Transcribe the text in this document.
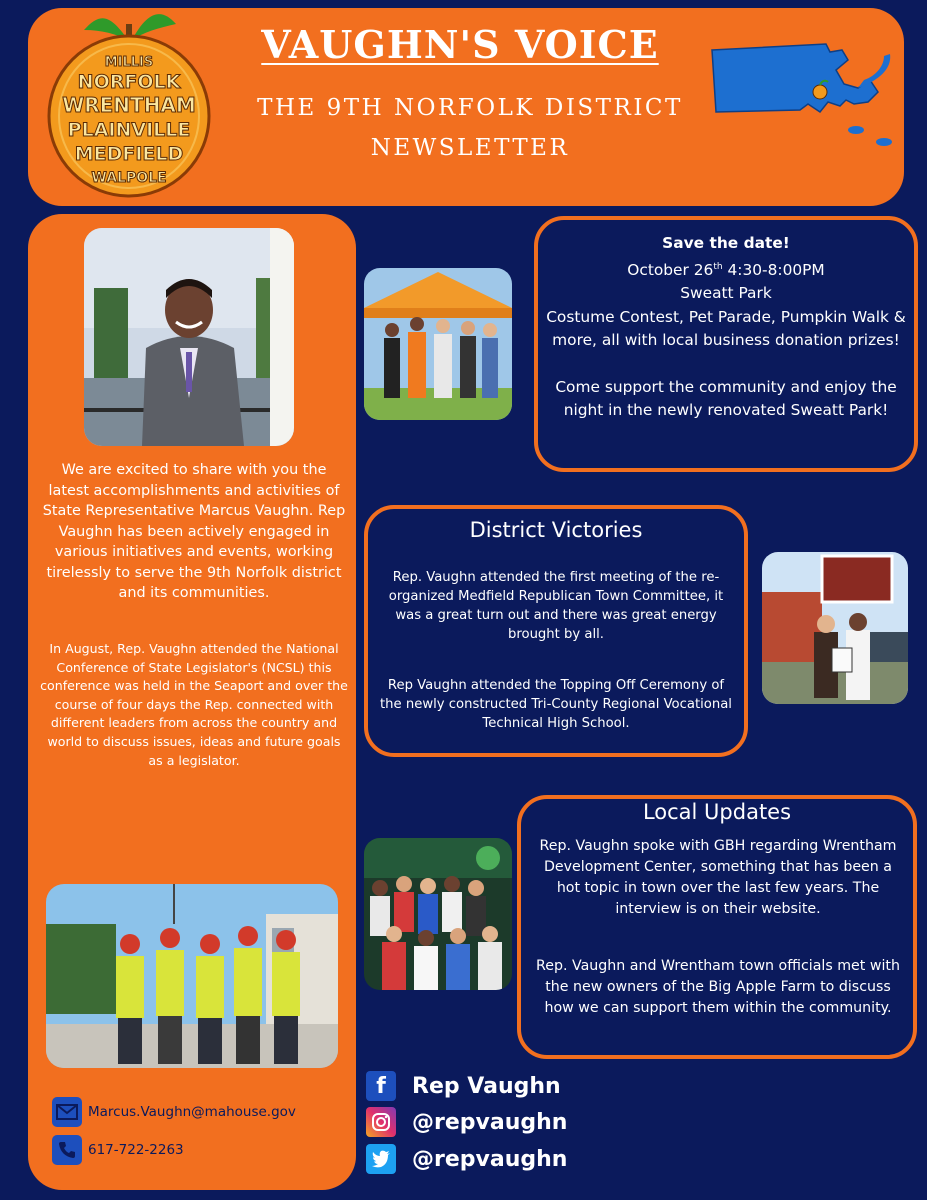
MILLIS
NORFOLK
WRENTHAM
PLAINVILLE
MEDFIELD
WALPOLE
VAUGHN'S VOICE
THE 9TH NORFOLK DISTRICT
NEWSLETTER
We are excited to share with you the latest accomplishments and activities of State Representative Marcus Vaughn. Rep Vaughn has been actively engaged in various initiatives and events, working tirelessly to serve the 9th Norfolk district and its communities.
In August, Rep. Vaughn attended the National Conference of State Legislator's (NCSL) this conference was held in the Seaport and over the course of four days the Rep. connected with different leaders from across the country and world to discuss issues, ideas and future goals as a legislator.
Marcus.Vaughn@mahouse.gov
617-722-2263
Save the date!
October 26th 4:30-8:00PM
Sweatt Park
Costume Contest, Pet Parade, Pumpkin Walk & more, all with local business donation prizes!
Come support the community and enjoy the night in the newly renovated Sweatt Park!
District Victories
Rep. Vaughn attended the first meeting of the re-organized Medfield Republican Town Committee, it was a great turn out and there was great energy brought by all.
Rep Vaughn attended the Topping Off Ceremony of the newly constructed Tri-County Regional Vocational Technical High School.
Local Updates
Rep. Vaughn spoke with GBH regarding Wrentham Development Center, something that has been a hot topic in town over the last few years. The interview is on their website.
Rep. Vaughn and Wrentham town officials met with the new owners of the Big Apple Farm to discuss how we can support them within the community.
f	Rep Vaughn
@repvaughn
@repvaughn
